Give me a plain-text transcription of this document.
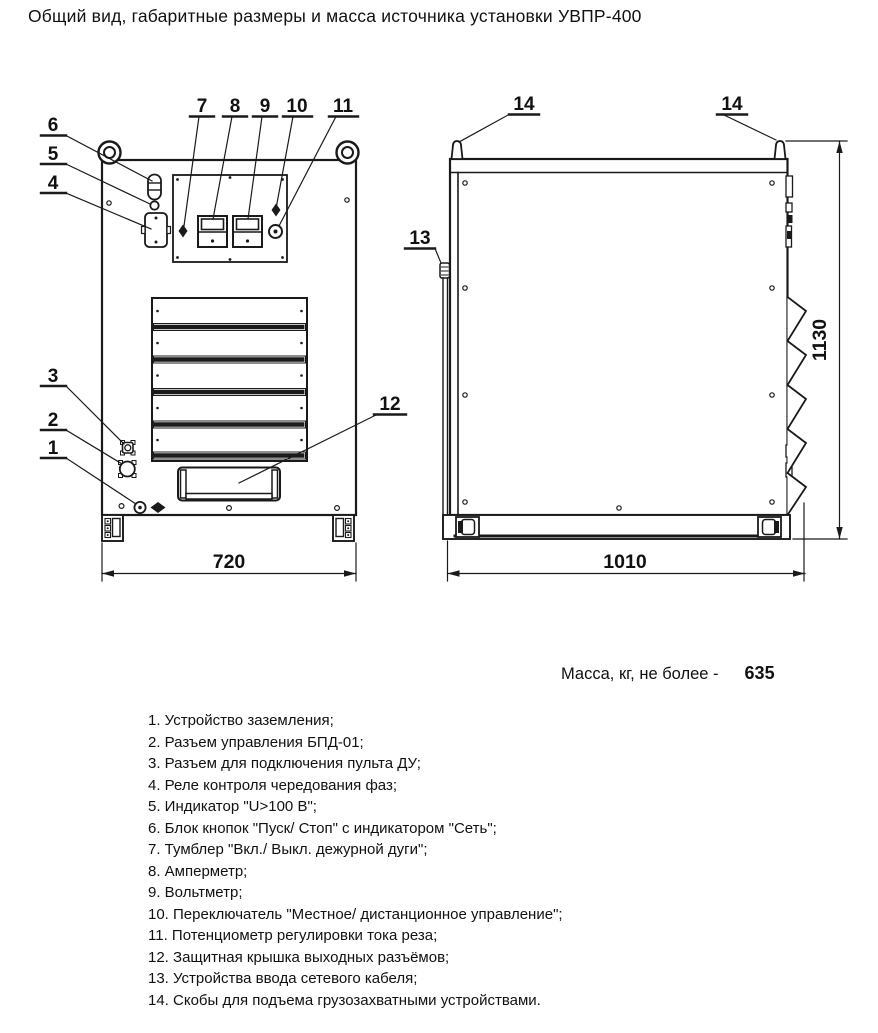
Общий вид, габаритные размеры и масса источника установки УВПР-400
720
6
5
4
3
2
1
7 8 9 10 11
12
1010
1130
13
14	14
Масса, кг, не более - 635
1. Устройство заземления;
2. Разъем управления БПД-01;
3. Разъем для подключения пульта ДУ;
4. Реле контроля чередования фаз;
5. Индикатор "U>100 В";
6. Блок кнопок "Пуск/ Стоп" с индикатором "Сеть";
7. Тумблер "Вкл./ Выкл. дежурной дуги";
8. Амперметр;
9. Вольтметр;
10. Переключатель "Местное/ дистанционное управление";
11. Потенциометр регулировки тока реза;
12. Защитная крышка выходных разъёмов;
13. Устройства ввода сетевого кабеля;
14. Скобы для подъема грузозахватными устройствами.
